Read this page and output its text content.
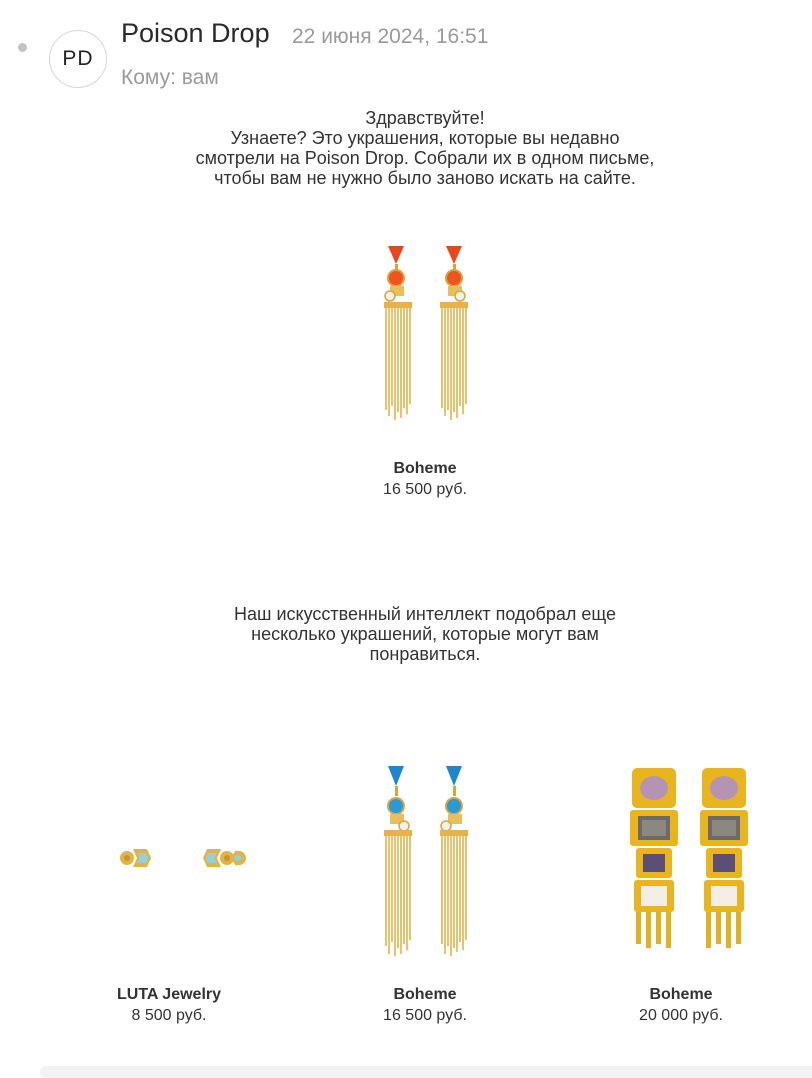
PD
Poison Drop 22 июня 2024, 16:51
Кому: вам

Здравствуйте!

Узнаете? Это украшения, которые вы недавно

смотрели на Poison Drop. Собрали их в одном письме,

чтобы вам не нужно было заново искать на сайте.

Boheme
16 500 руб.

Наш искусственный интеллект подобрал еще

несколько украшений, которые могут вам

понравиться.

LUTA Jewelry
8 500 руб.
Boheme
16 500 руб.
Boheme
20 000 руб.
